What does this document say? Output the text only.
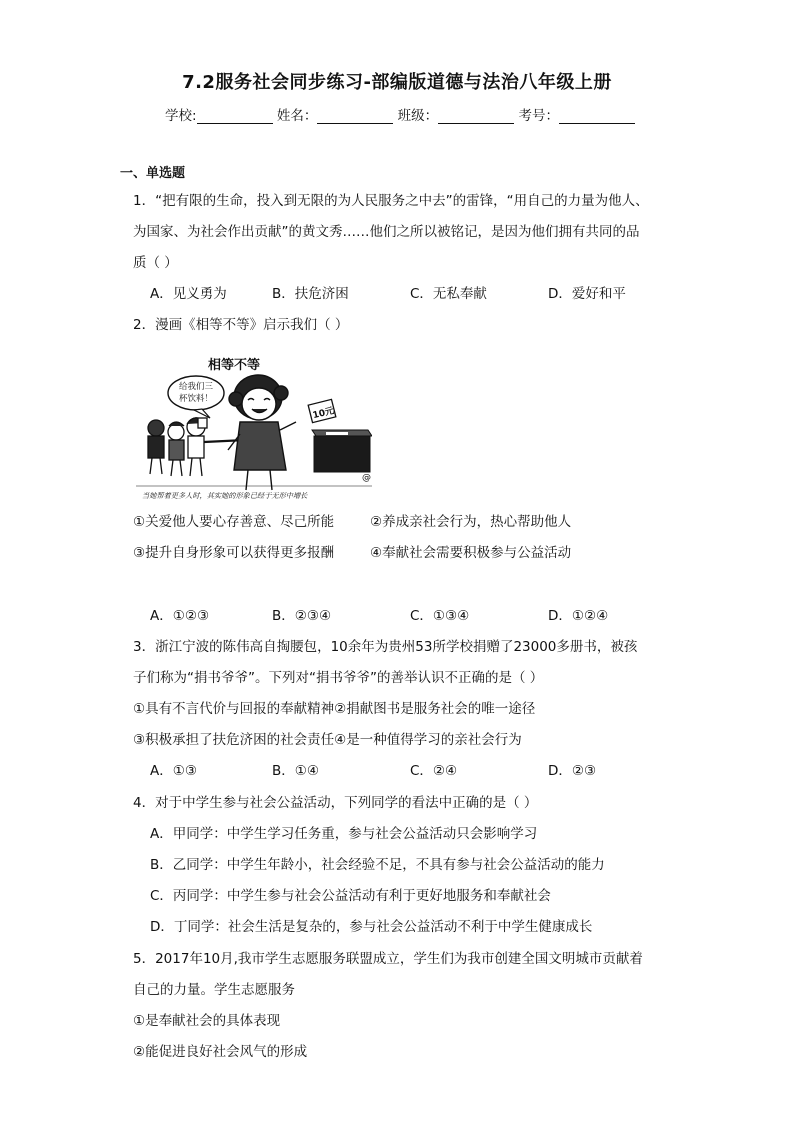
7.2服务社会同步练习-部编版道德与法治八年级上册
学校:	姓名：	班级：	考号：
一、单选题
1．“把有限的生命，投入到无限的为人民服务之中去”的雷锋，“用自己的力量为他人、
为国家、为社会作出贡献”的黄文秀……他们之所以被铭记，是因为他们拥有共同的品
质（ ）
A．见义勇为	B．扶危济困	C．无私奉献	D．爱好和平
2．漫画《相等不等》启示我们（ ）
相等不等
给我们三
杯饮料！
10元
@
当她帮着更多人时，其实她的形象已经于无形中增长
①关爱他人要心存善意、尽己所能	②养成亲社会行为，热心帮助他人
③提升自身形象可以获得更多报酬	④奉献社会需要积极参与公益活动
A．①②③	B．②③④	C．①③④	D．①②④
3．浙江宁波的陈伟高自掏腰包，10余年为贵州53所学校捐赠了23000多册书，被孩
子们称为“捐书爷爷”。下列对“捐书爷爷”的善举认识不正确的是（ ）
①具有不言代价与回报的奉献精神②捐献图书是服务社会的唯一途径
③积极承担了扶危济困的社会责任④是一种值得学习的亲社会行为
A．①③	B．①④	C．②④	D．②③
4．对于中学生参与社会公益活动，下列同学的看法中正确的是（ ）
A．甲同学：中学生学习任务重，参与社会公益活动只会影响学习
B．乙同学：中学生年龄小，社会经验不足，不具有参与社会公益活动的能力
C．丙同学：中学生参与社会公益活动有利于更好地服务和奉献社会
D．丁同学：社会生活是复杂的，参与社会公益活动不利于中学生健康成长
5．2017年10月,我市学生志愿服务联盟成立，学生们为我市创建全国文明城市贡献着
自己的力量。学生志愿服务
①是奉献社会的具体表现
②能促进良好社会风气的形成
